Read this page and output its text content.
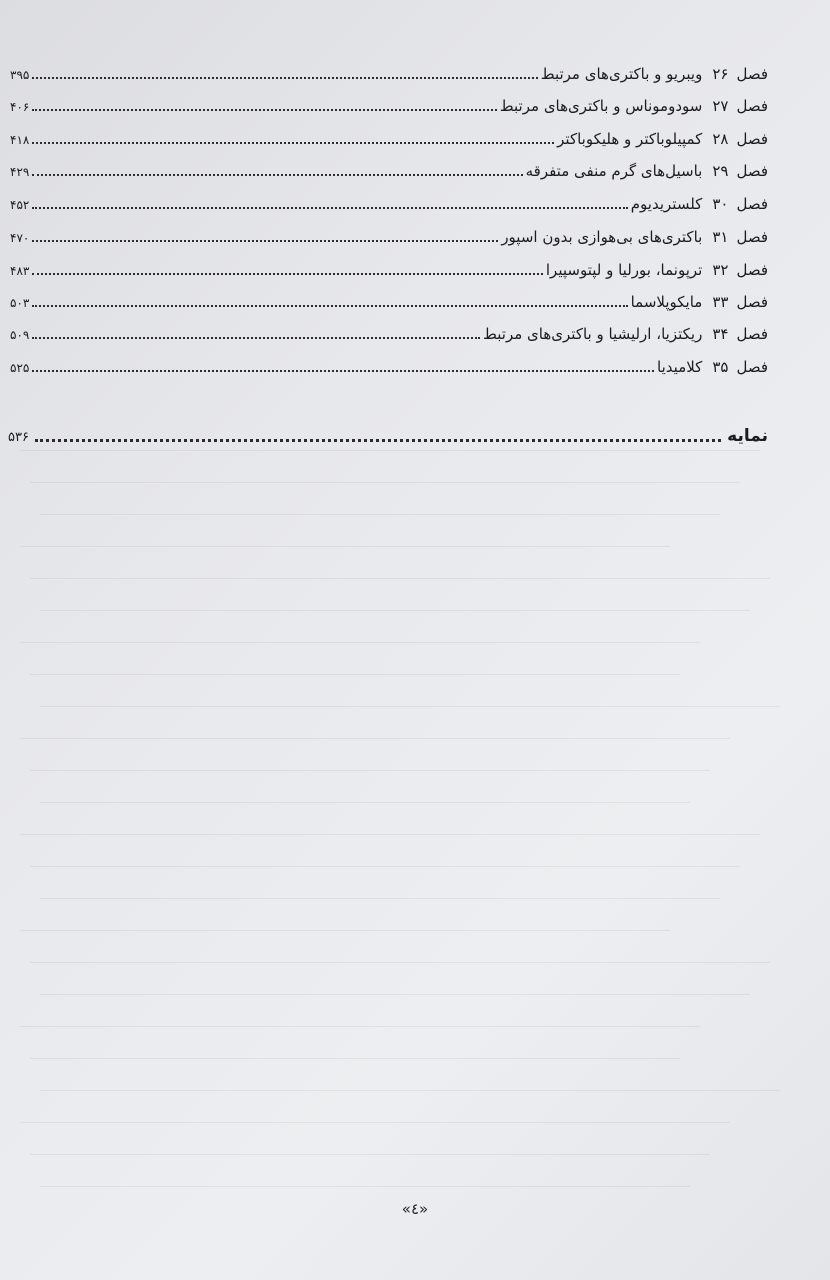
فصل
۲۶
ویبریو و باکتری‌های مرتبط
۳۹۵
فصل
۲۷
سودوموناس و باکتری‌های مرتبط
۴۰۶
فصل
۲۸
کمپیلوباکتر و هلیکوباکتر
۴۱۸
فصل
۲۹
باسیل‌های گرم منفی متفرقه
۴۲۹
فصل
۳۰
کلستریدیوم
۴۵۲
فصل
۳۱
باکتری‌های بی‌هوازی بدون اسپور
۴۷۰
فصل
۳۲
ترپونما، بورلیا و لپتوسپیرا
۴۸۳
فصل
۳۳
مایکوپلاسما
۵۰۳
فصل
۳۴
ریکتزیا، ارلیشیا و باکتری‌های مرتبط
۵۰۹
فصل
۳۵
کلامیدیا
۵۲۵
نمایه
۵۳۶
«٤»
